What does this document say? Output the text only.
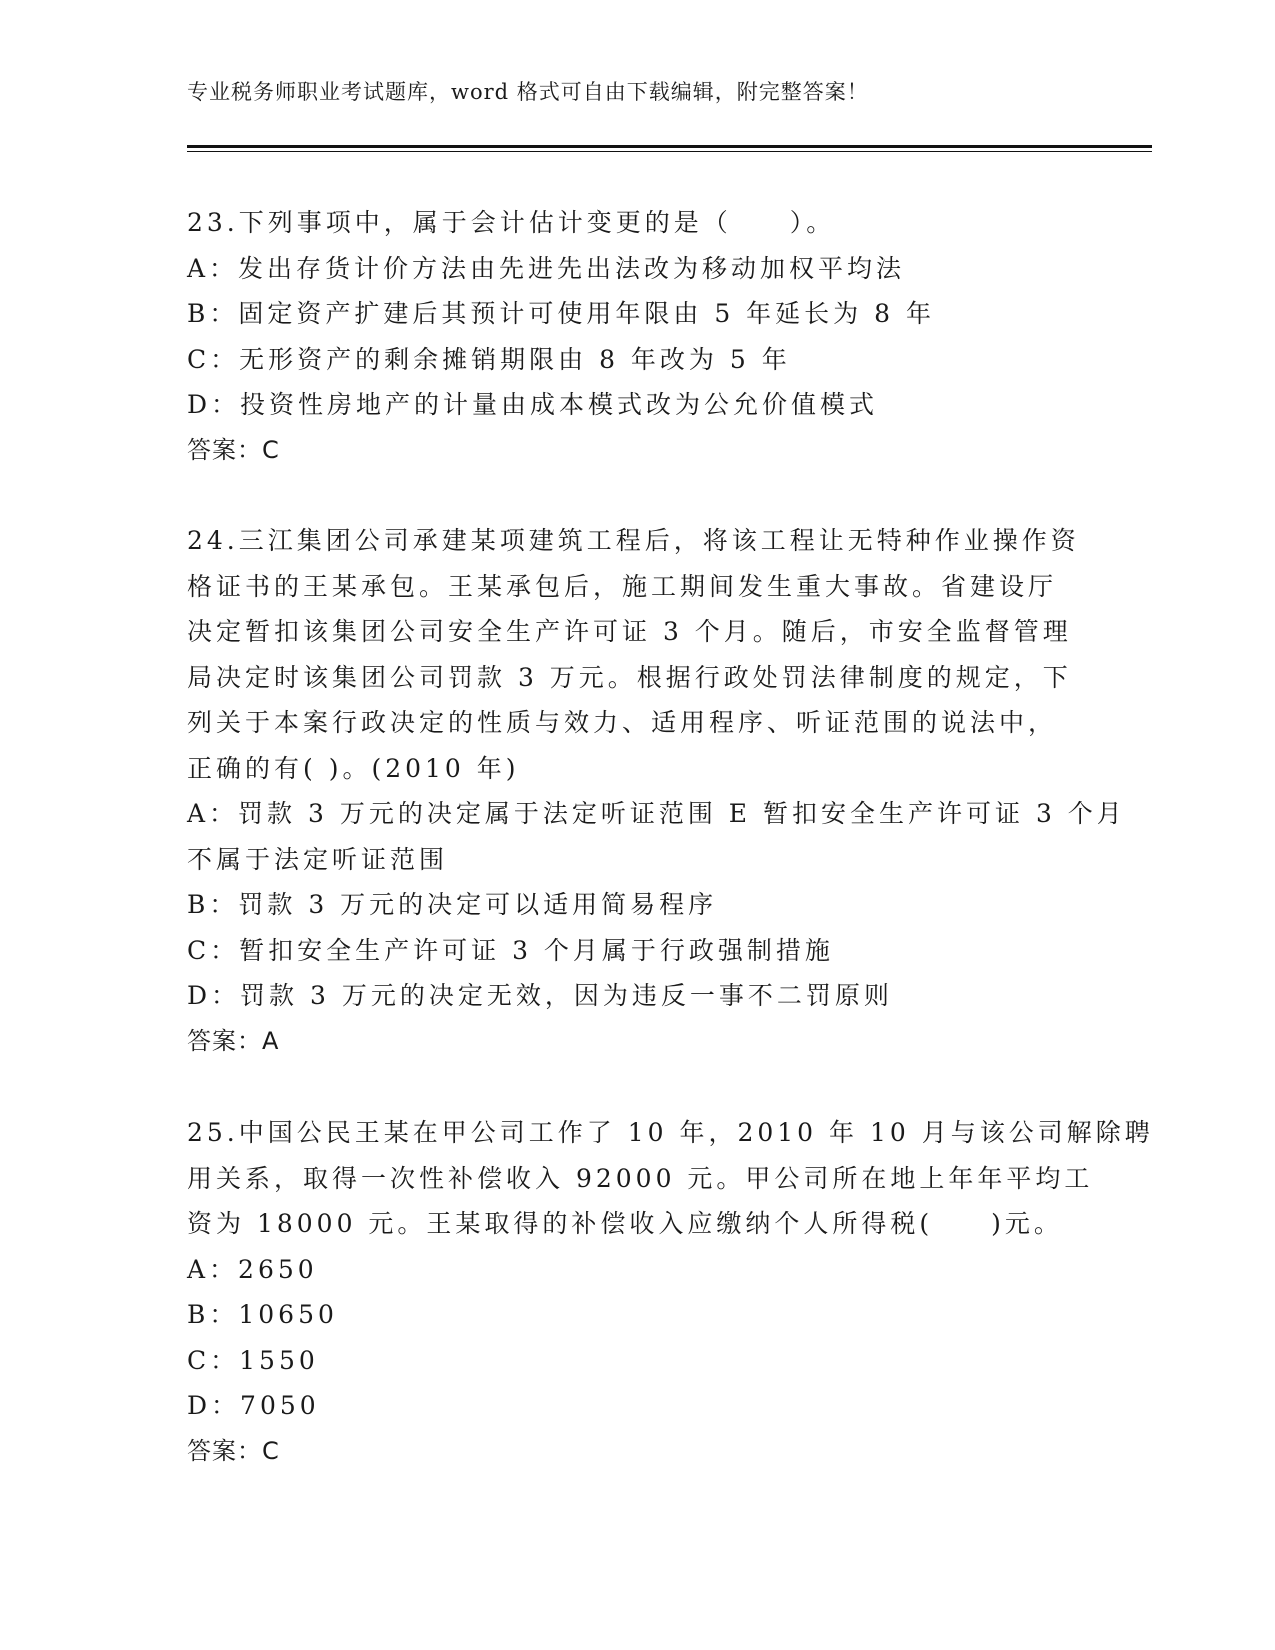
专业税务师职业考试题库，word 格式可自由下载编辑，附完整答案！
23.下列事项中，属于会计估计变更的是（　　）。
A：发出存货计价方法由先进先出法改为移动加权平均法
B：固定资产扩建后其预计可使用年限由 5 年延长为 8 年
C：无形资产的剩余摊销期限由 8 年改为 5 年
D：投资性房地产的计量由成本模式改为公允价值模式
答案：C
24.三江集团公司承建某项建筑工程后，将该工程让无特种作业操作资
格证书的王某承包。王某承包后，施工期间发生重大事故。省建设厅
决定暂扣该集团公司安全生产许可证 3 个月。随后，市安全监督管理
局决定时该集团公司罚款 3 万元。根据行政处罚法律制度的规定，下
列关于本案行政决定的性质与效力、适用程序、听证范围的说法中，
正确的有( )。(2010 年)
A：罚款 3 万元的决定属于法定听证范围 E 暂扣安全生产许可证 3 个月
不属于法定听证范围
B：罚款 3 万元的决定可以适用简易程序
C：暂扣安全生产许可证 3 个月属于行政强制措施
D：罚款 3 万元的决定无效，因为违反一事不二罚原则
答案：A
25.中国公民王某在甲公司工作了 10 年，2010 年 10 月与该公司解除聘
用关系，取得一次性补偿收入 92000 元。甲公司所在地上年年平均工
资为 18000 元。王某取得的补偿收入应缴纳个人所得税(　　)元。
A：2650
B：10650
C：1550
D：7050
答案：C
